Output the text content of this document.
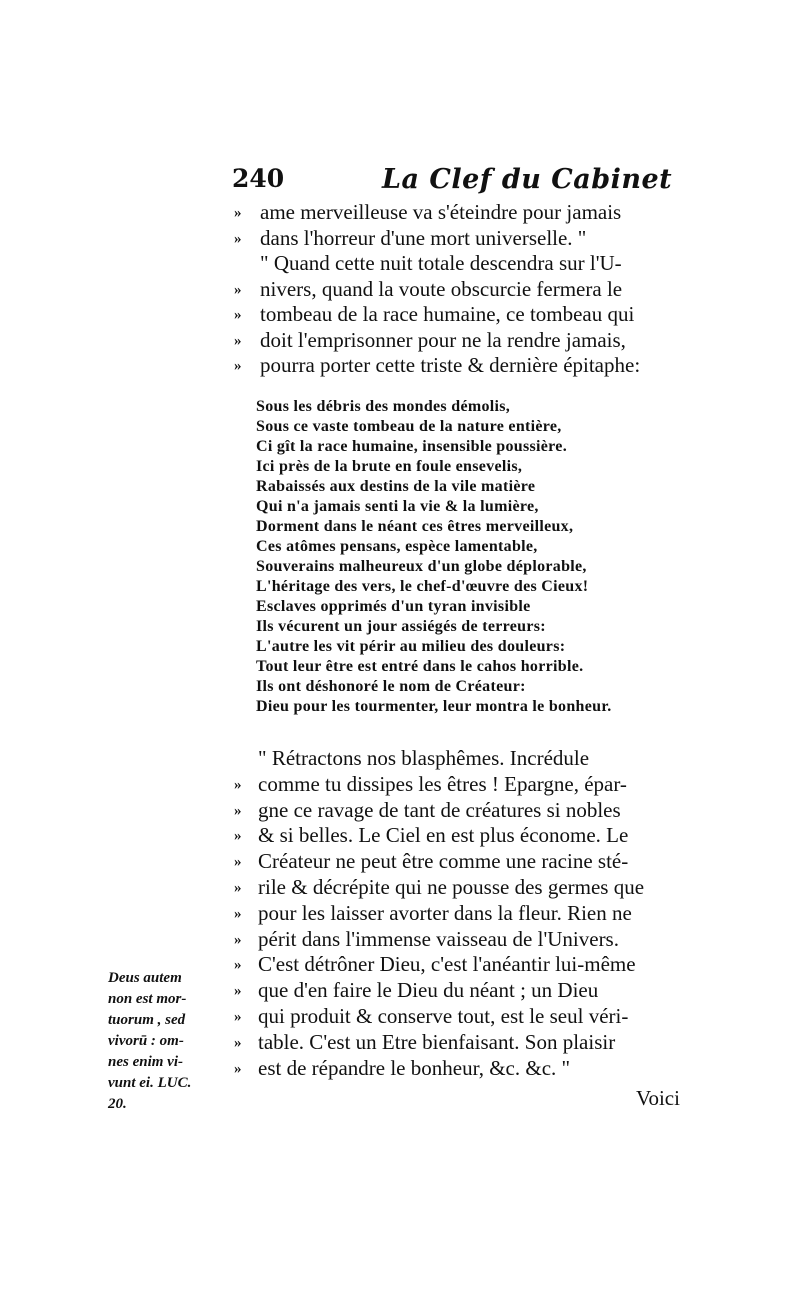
240	La Clef du Cabinet
» ame merveilleuse va s'éteindre pour jamais
» dans l'horreur d'une mort universelle. "
" Quand cette nuit totale descendra sur l'U-
» nivers, quand la voute obscurcie fermera le
» tombeau de la race humaine, ce tombeau qui
» doit l'emprisonner pour ne la rendre jamais,
» pourra porter cette triste & dernière épitaphe:
Sous les débris des mondes démolis,
Sous ce vaste tombeau de la nature entière,
Ci gît la race humaine, insensible poussière.
Ici près de la brute en foule ensevelis,
Rabaissés aux destins de la vile matière
Qui n'a jamais senti la vie & la lumière,
Dorment dans le néant ces êtres merveilleux,
Ces atômes pensans, espèce lamentable,
Souverains malheureux d'un globe déplorable,
L'héritage des vers, le chef-d'œuvre des Cieux!
Esclaves opprimés d'un tyran invisible
Ils vécurent un jour assiégés de terreurs:
L'autre les vit périr au milieu des douleurs:
Tout leur être est entré dans le cahos horrible.
Ils ont déshonoré le nom de Créateur:
Dieu pour les tourmenter, leur montra le bonheur.
" Rétractons nos blasphêmes. Incrédule
» comme tu dissipes les êtres ! Epargne, épar-
» gne ce ravage de tant de créatures si nobles
» & si belles. Le Ciel en est plus économe. Le
» Créateur ne peut être comme une racine sté-
» rile & décrépite qui ne pousse des germes que
» pour les laisser avorter dans la fleur. Rien ne
» périt dans l'immense vaisseau de l'Univers.
» C'est détrôner Dieu, c'est l'anéantir lui-même
» que d'en faire le Dieu du néant ; un Dieu
» qui produit & conserve tout, est le seul véri-
» table. C'est un Etre bienfaisant. Son plaisir
» est de répandre le bonheur, &c. &c. "
Deus autem
non est mor-
tuorum , sed
vivorū : om-
nes enim vi-
vunt ei. LUC.
20.	Voici
